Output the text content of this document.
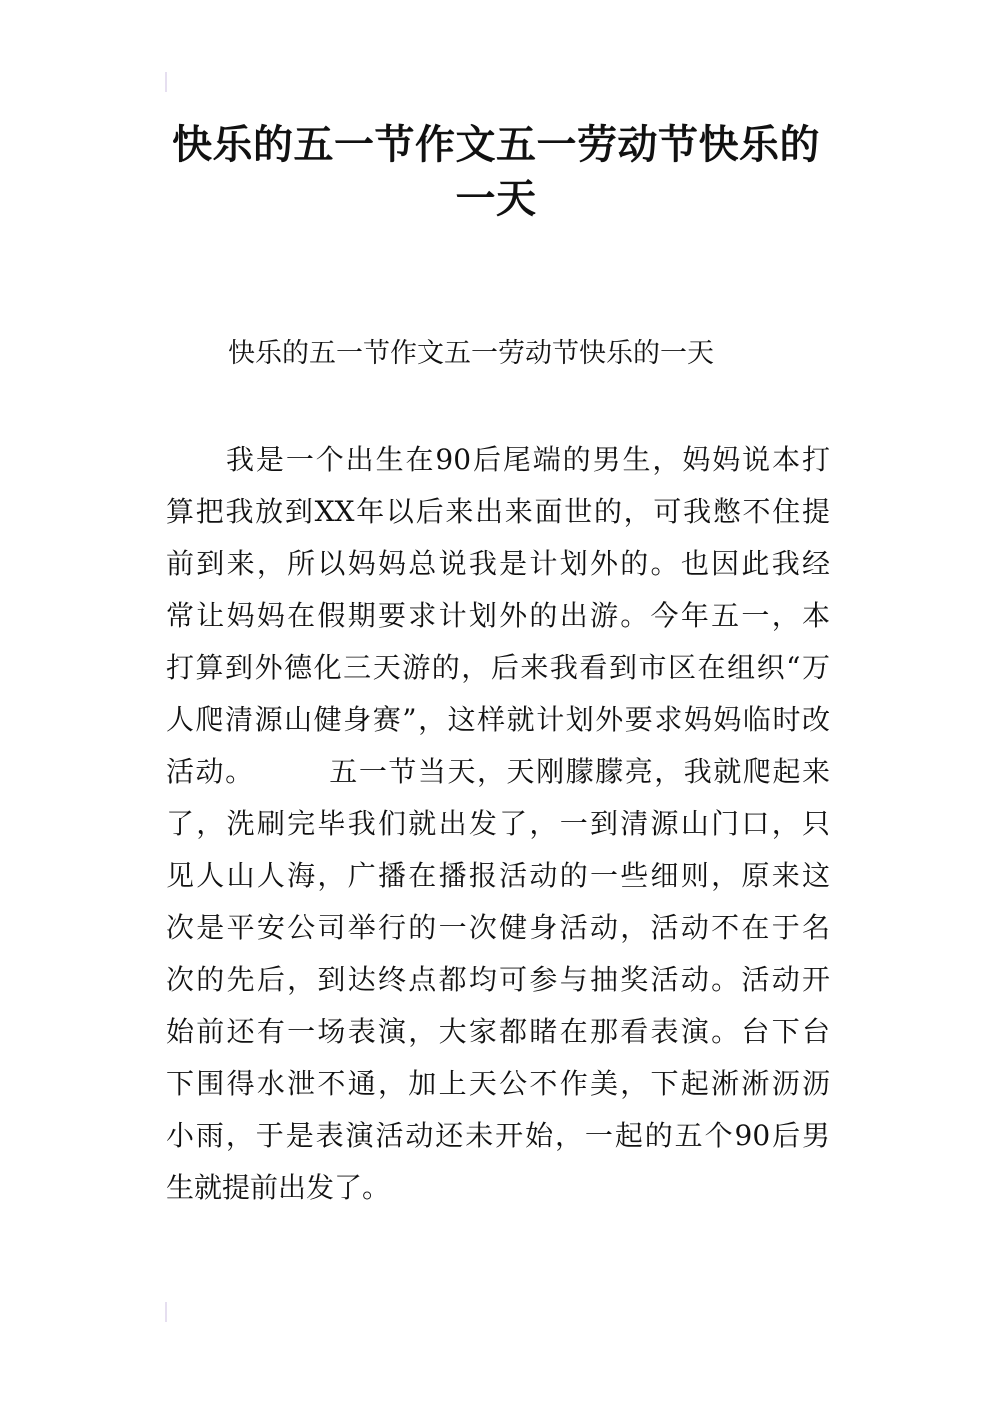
快乐的五一节作文五一劳动节快乐的
一天
快乐的五一节作文五一劳动节快乐的一天
我是一个出生在90后尾端的男生，妈妈说本打
算把我放到XX年以后来出来面世的，可我憋不住提
前到来，所以妈妈总说我是计划外的。也因此我经
常让妈妈在假期要求计划外的出游。今年五一，本
打算到外德化三天游的，后来我看到市区在组织“万
人爬清源山健身赛”，这样就计划外要求妈妈临时改
活动。　　　五一节当天，天刚朦朦亮，我就爬起来
了，洗刷完毕我们就出发了，一到清源山门口，只
见人山人海，广播在播报活动的一些细则，原来这
次是平安公司举行的一次健身活动，活动不在于名
次的先后，到达终点都均可参与抽奖活动。活动开
始前还有一场表演，大家都睹在那看表演。台下台
下围得水泄不通，加上天公不作美，下起淅淅沥沥
小雨，于是表演活动还未开始，一起的五个90后男
生就提前出发了。
